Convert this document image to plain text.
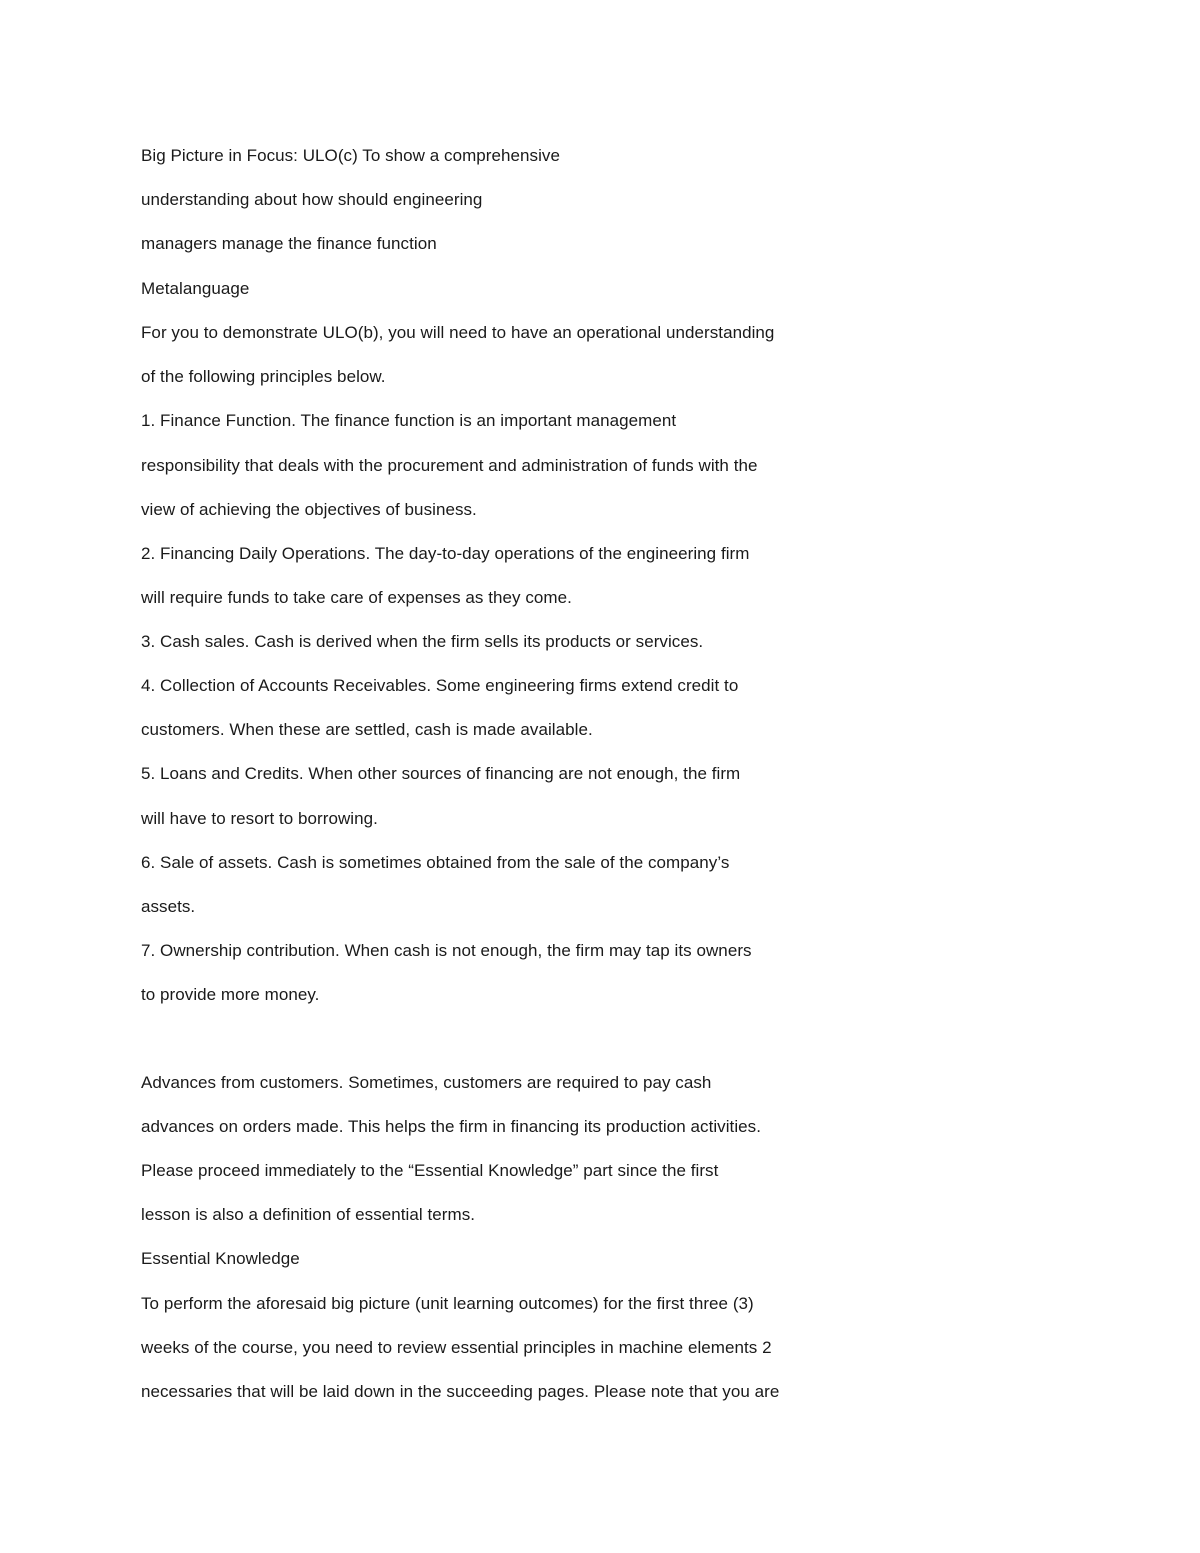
Big Picture in Focus: ULO(c) To show a comprehensive
understanding about how should engineering
managers manage the finance function
Metalanguage
For you to demonstrate ULO(b), you will need to have an operational understanding
of the following principles below.
1. Finance Function. The finance function is an important management
responsibility that deals with the procurement and administration of funds with the
view of achieving the objectives of business.
2. Financing Daily Operations. The day-to-day operations of the engineering firm
will require funds to take care of expenses as they come.
3. Cash sales. Cash is derived when the firm sells its products or services.
4. Collection of Accounts Receivables. Some engineering firms extend credit to
customers. When these are settled, cash is made available.
5. Loans and Credits. When other sources of financing are not enough, the firm
will have to resort to borrowing.
6. Sale of assets. Cash is sometimes obtained from the sale of the company’s
assets.
7. Ownership contribution. When cash is not enough, the firm may tap its owners
to provide more money.
Advances from customers. Sometimes, customers are required to pay cash
advances on orders made. This helps the firm in financing its production activities.
Please proceed immediately to the “Essential Knowledge” part since the first
lesson is also a definition of essential terms.
Essential Knowledge
To perform the aforesaid big picture (unit learning outcomes) for the first three (3)
weeks of the course, you need to review essential principles in machine elements 2
necessaries that will be laid down in the succeeding pages. Please note that you are
